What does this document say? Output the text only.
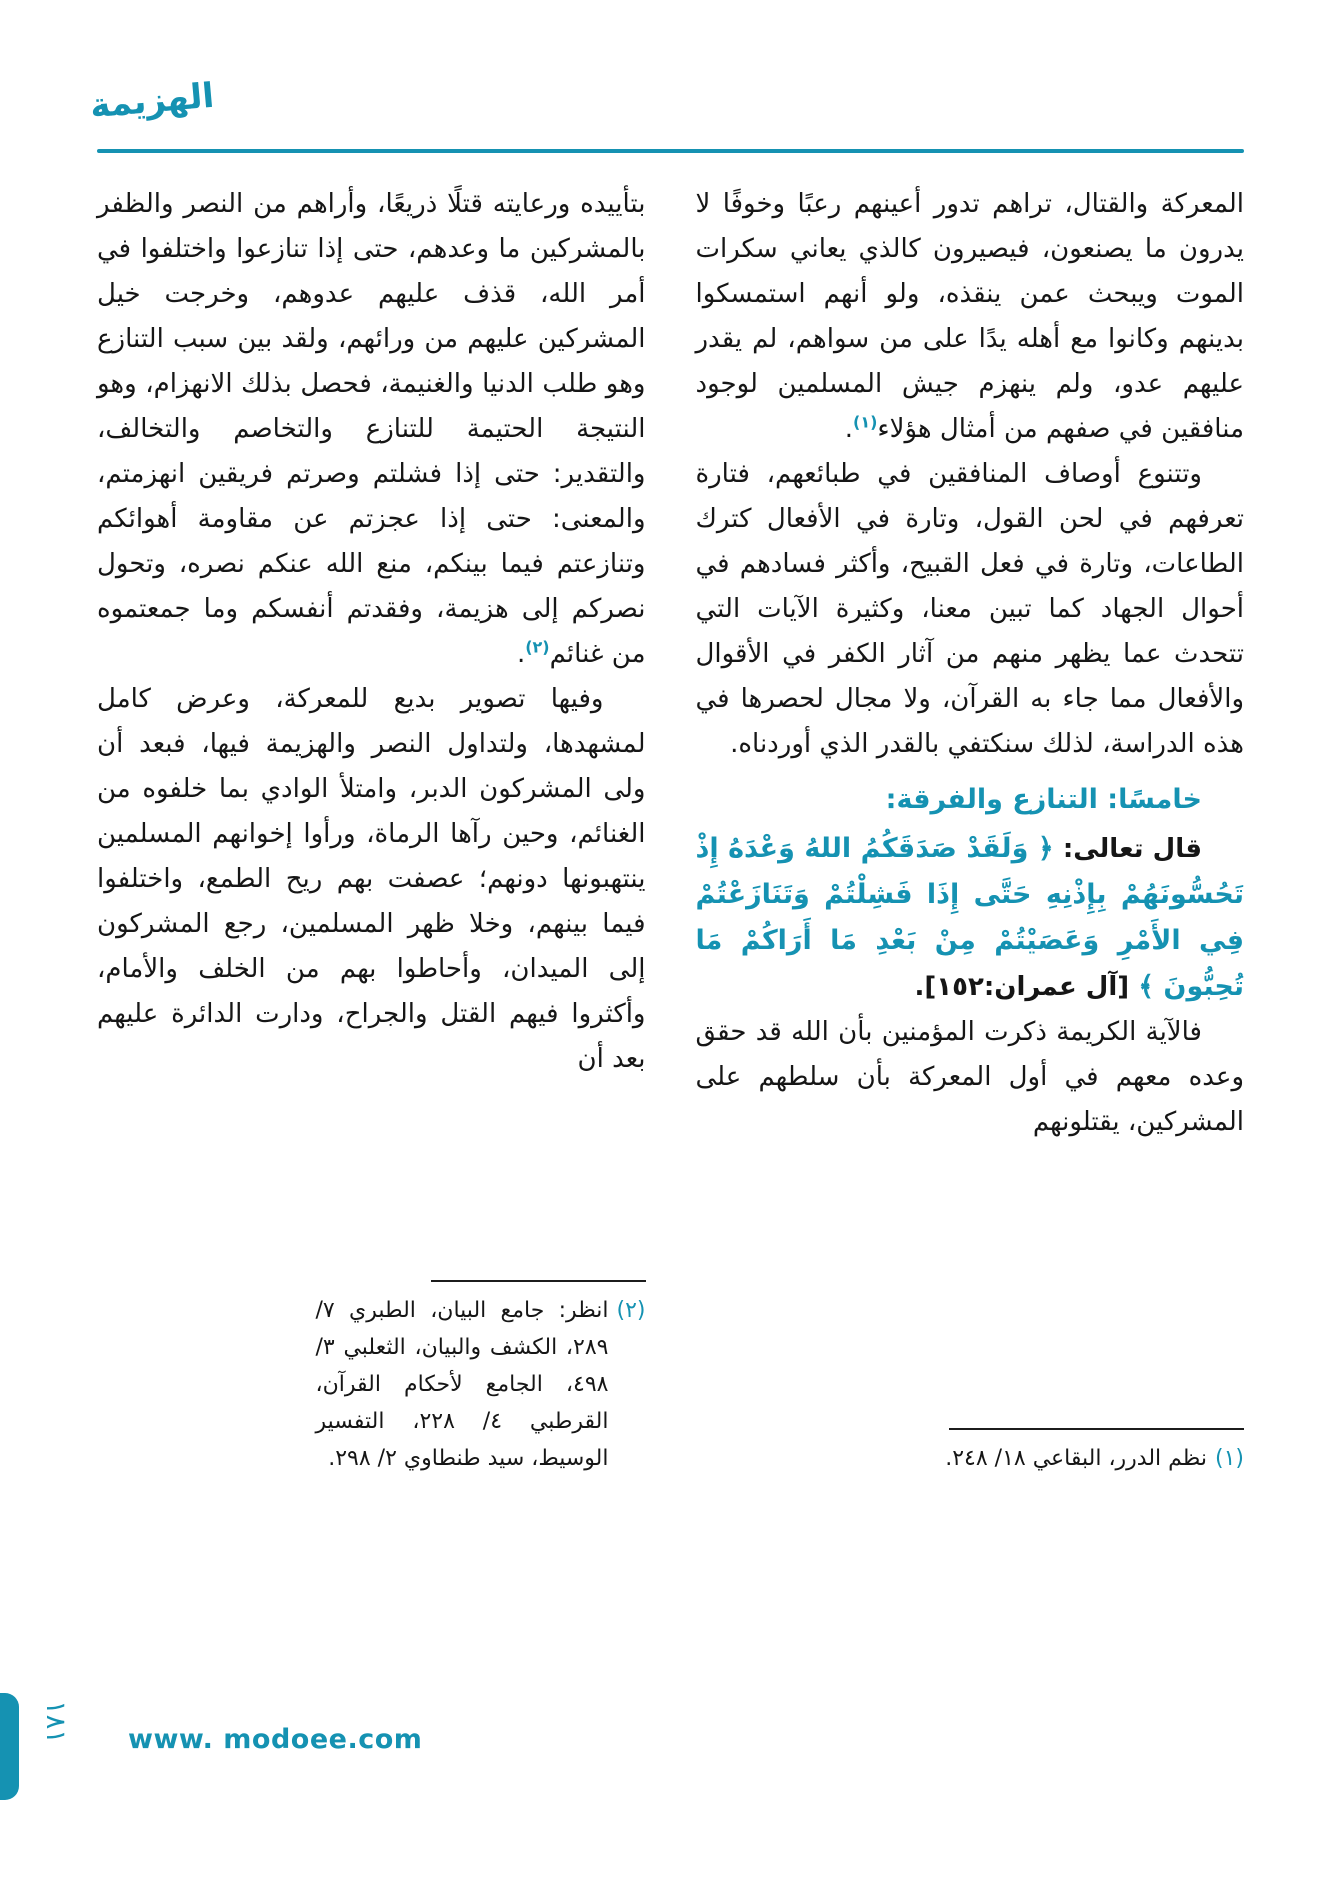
الهزيمة

المعركة والقتال، تراهم تدور أعينهم رعبًا وخوفًا لا يدرون ما يصنعون، فيصيرون كالذي يعاني سكرات الموت ويبحث عمن ينقذه، ولو أنهم استمسكوا بدينهم وكانوا مع أهله يدًا على من سواهم، لم يقدر عليهم عدو، ولم ينهزم جيش المسلمين لوجود منافقين في صفهم من أمثال هؤلاء$^{(١)}$.

وتتنوع أوصاف المنافقين في طبائعهم، فتارة تعرفهم في لحن القول، وتارة في الأفعال كترك الطاعات، وتارة في فعل القبيح، وأكثر فسادهم في أحوال الجهاد كما تبين معنا، وكثيرة الآيات التي تتحدث عما يظهر منهم من آثار الكفر في الأقوال والأفعال مما جاء به القرآن، ولا مجال لحصرها في هذه الدراسة، لذلك سنكتفي بالقدر الذي أوردناه.

خامسًا: التنازع والفرقة:

قال تعالى: ﴿ وَلَقَدْ صَدَقَكُمُ اللهُ وَعْدَهُ إِذْ تَحُسُّونَهُمْ بِإِذْنِهِ حَتَّى إِذَا فَشِلْتُمْ وَتَنَازَعْتُمْ فِي الأَمْرِ وَعَصَيْتُمْ مِنْ بَعْدِ مَا أَرَاكُمْ مَا تُحِبُّونَ ﴾ [آل عمران:١٥٢].

فالآية الكريمة ذكرت المؤمنين بأن الله قد حقق وعده معهم في أول المعركة بأن سلطهم على المشركين، يقتلونهم

(١)
نظم الدرر، البقاعي ١٨/ ٢٤٨.

بتأييده ورعايته قتلًا ذريعًا، وأراهم من النصر والظفر بالمشركين ما وعدهم، حتى إذا تنازعوا واختلفوا في أمر الله، قذف عليهم عدوهم، وخرجت خيل المشركين عليهم من ورائهم، ولقد بين سبب التنازع وهو طلب الدنيا والغنيمة، فحصل بذلك الانهزام، وهو النتيجة الحتيمة للتنازع والتخاصم والتخالف، والتقدير: حتى إذا فشلتم وصرتم فريقين انهزمتم، والمعنى: حتى إذا عجزتم عن مقاومة أهوائكم وتنازعتم فيما بينكم، منع الله عنكم نصره، وتحول نصركم إلى هزيمة، وفقدتم أنفسكم وما جمعتموه من غنائم$^{(٢)}$.

وفيها تصوير بديع للمعركة، وعرض كامل لمشهدها، ولتداول النصر والهزيمة فيها، فبعد أن ولى المشركون الدبر، وامتلأ الوادي بما خلفوه من الغنائم، وحين رآها الرماة، ورأوا إخوانهم المسلمين ينتهبونها دونهم؛ عصفت بهم ريح الطمع، واختلفوا فيما بينهم، وخلا ظهر المسلمين، رجع المشركون إلى الميدان، وأحاطوا بهم من الخلف والأمام، وأكثروا فيهم القتل والجراح، ودارت الدائرة عليهم بعد أن

(٢)
انظر: جامع البيان، الطبري ٧/ ٢٨٩، الكشف والبيان، الثعلبي ٣/ ٤٩٨، الجامع لأحكام القرآن، القرطبي ٤/ ٢٢٨، التفسير الوسيط، سيد طنطاوي ٢/ ٢٩٨.
١٨١ www. modoee.com
